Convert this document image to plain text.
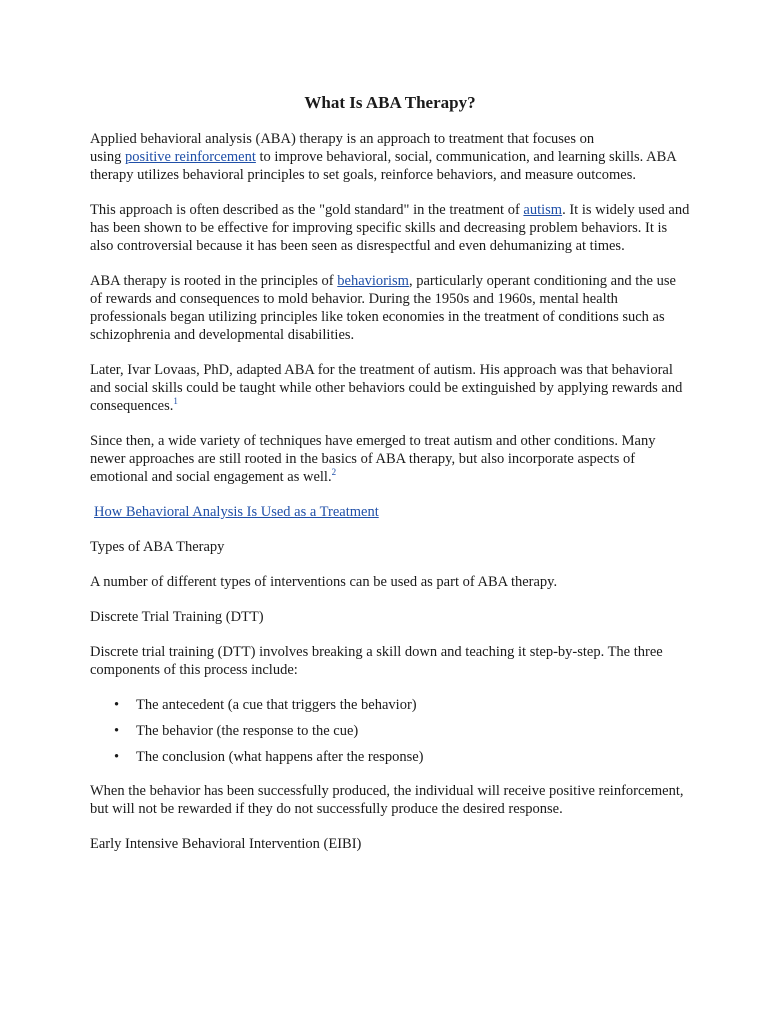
What Is ABA Therapy?

Applied behavioral analysis (ABA) therapy is an approach to treatment that focuses on
using positive reinforcement to improve behavioral, social, communication, and learning skills. ABA therapy utilizes behavioral principles to set goals, reinforce behaviors, and measure outcomes.

This approach is often described as the "gold standard" in the treatment of autism. It is widely used and has been shown to be effective for improving specific skills and decreasing problem behaviors. It is also controversial because it has been seen as disrespectful and even dehumanizing at times.

ABA therapy is rooted in the principles of behaviorism, particularly operant conditioning and the use of rewards and consequences to mold behavior. During the 1950s and 1960s, mental health professionals began utilizing principles like token economies in the treatment of conditions such as schizophrenia and developmental disabilities.

Later, Ivar Lovaas, PhD, adapted ABA for the treatment of autism. His approach was that behavioral and social skills could be taught while other behaviors could be extinguished by applying rewards and consequences.$^1$

Since then, a wide variety of techniques have emerged to treat autism and other conditions. Many newer approaches are still rooted in the basics of ABA therapy, but also incorporate aspects of emotional and social engagement as well.$^2$

How Behavioral Analysis Is Used as a Treatment

Types of ABA Therapy

A number of different types of interventions can be used as part of ABA therapy.

Discrete Trial Training (DTT)

Discrete trial training (DTT) involves breaking a skill down and teaching it step-by-step. The three components of this process include:

• The antecedent (a cue that triggers the behavior)
• The behavior (the response to the cue)
• The conclusion (what happens after the response)

When the behavior has been successfully produced, the individual will receive positive reinforcement, but will not be rewarded if they do not successfully produce the desired response.

Early Intensive Behavioral Intervention (EIBI)
